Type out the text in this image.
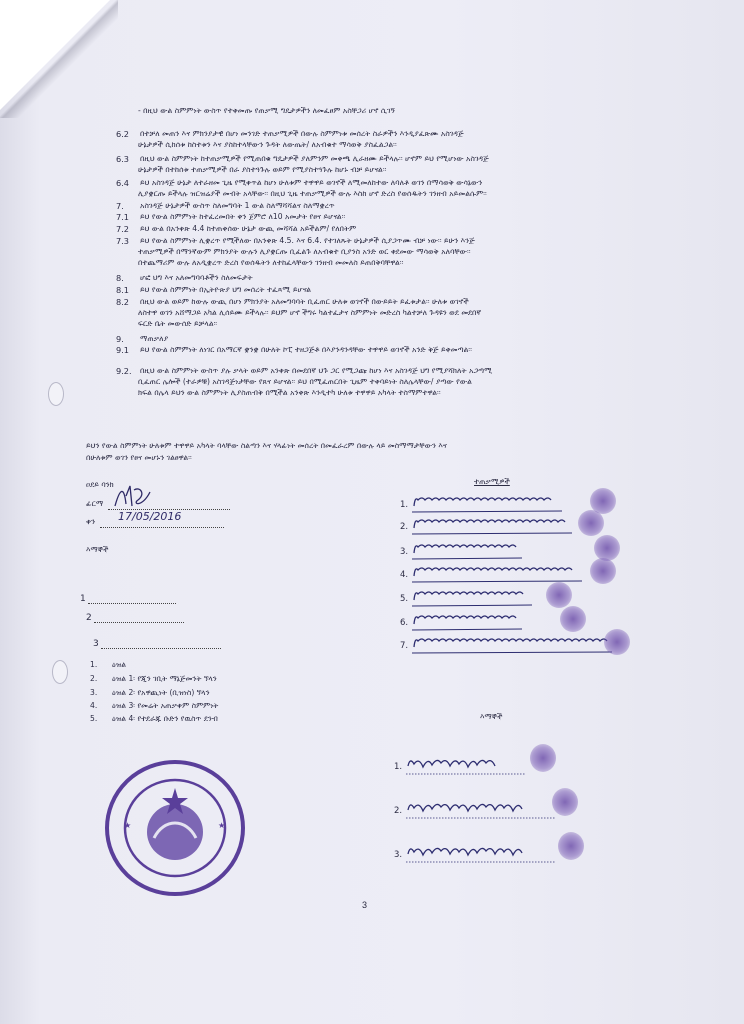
- በዚህ ውል ስምምነት ውስጥ የተቀመጡ የጠቃሚ ግዴታዎችን ለመፈፀም አስቸጋሪ ሆኖ ሲገኝ
6.2 በተቻለ መጠን እና ምክንያታዊ በሆነ መንገድ ተጠቃሚዎች በውሉ ስምምነቱ መሰረት ስራዎችን እንዲያፈጽሙ አስገዳጅ
ሁኔታዎች ሲከሰቱ ከስተቱን እና ያስከተላቸውን ጉዳት ለውጤት/ ለአብቁተ ማሳወቅ ያስፈልጋል፡፡
6.3 በዚህ ውል ስምምነት ከተጠቃሚዎች የሚጠበቁ ግዴታዎች ያለምንም መቀጫ ሊራዘሙ ይችላሉ፡፡ ሆኖም ይህ የሚሆነው አስገዳጅ
ሁኔታዎች በተከሰቱ ተጠቃሚዎች በራ ያስተጓጉሉ ወይም የሚያስተጓጉሉ ከሆኑ ብቻ ይሆናል፡፡
6.4 ይህ አስገዳጅ ሁኔታ ለተራዘመ ጊዜ የሚቀጥል ከሆነ ሁለቱም ተዋዋይ ወገኖች ለሚመለከተው ለባለቶ ወገን በማሳወቅ ውሳኔውን
ሊያቋርጡ ይችላሉ ዝርዝሬያች መብት አላቸው፡፡ በዚህ ጊዜ ተጠቃሚዎች ውሉ እስከ ሆኖ ድረስ የወሰዱትን ገንዘብ አይመልሱም፡፡
7. አስገዳጅ ሁኔታዎች ውስጥ ስለመግባት 1 ውል ስለማሻሻልና ስለማቋረጥ
7.1 ይህ የውል ስምምነት ከተፈረመበት ቀን ጀምሮ ለ10 አመታት የፀና ይሆናል፡፡
7.2 ይህ ውል በአንቀጽ 4.4 ከተጠቀሰው ሁኔታ ውጪ መሻሻል አይችልም/ የለበትም
7.3 ይህ የውል ስምምነት ሊቋረጥ የሚችለው በአንቀጽ 4.5. እና 6.4. የተገለጹት ሁኔታዎች ሲያጋጥሙ ብቻ ነው፡፡ ይሁን እንጅ
ተጠቃሚዎች በማንኛውም ምክንያት ውሉን ሊያቋርጡ ቢፈልጉ ለአብቁተ ቢያንስ አንድ ወር ቀደመው ማሳወቅ አለባቸው፡፡
በተጨማሪም ውሉ ለአዲቋረጥ ድረስ የወሰዱትን ለተከፈላቸውን ገንዘብ መመለስ ይጠበቅባቸዋል፡፡
8. ሆፎ ህግ እና አለመግባባቶችን ስለመፍታት
8.1 ይህ የውል ስምምነት በኢትዮጵያ ህግ መሰረት ተፈጻሚ ይሆናል
8.2 በዚህ ውል ወይም ከውሉ ውጪ በሆነ ምክንያት አለመግባባት ቢፈጠር ሁለቱ ወገኖች በውይይት ይፈቱታል፡፡ ሁለቱ ወገኖች
ለስተዋ ወገን አሸማጋይ አካል ሊሰይሙ ይችላሉ፡፡ ይህም ሆኖ ችግሩ ካልተፈታና ስምምነት መድረስ ካልተቻለ ጉዳዩን ወደ መደበኛ
ፍርድ ቤት መውሰድ ይቻላል፡፡
9. ማጠቃለያ
9.1 ይህ የውል ስምምነት ለነገር በአማርኛ ቋንቋ በሁለት ኮፒ ተዘጋጅቶ በእያንዳንዳቸው ተዋዋይ ወገኖች አንድ ቅጅ ይቀመጣል፡፡
9.2. በዚህ ውል ስምምነት ውስጥ ያሉ ቃላት ወይም አንቀጽ በመደበኛ ህጉ ጋር የሚጋጩ ከሆነ እና አስገዳጅ ህግ የሚያሻክለት አጋጣሚ
ቢፈጠር ሌሎች (ተራዎቹ) አስገዳጅነታቸው የጸና ይሆናል፡፡ ይህ በሚፈጠርበት ጊዜም ተቀባይነት ስለሌላቸው/ ያጣው የውል
ክፍል በሌላ ይህን ውል ስምምነት ሊያስጠብቅ በሚችል አንቀጽ እንዲተካ ሁለቱ ተዋዋይ አካላት ተስማምተዋል፡፡
ይህን የውል ስምምነት ሁለቱም ተዋዋይ አካላት ባላቸው ስልጣን እና ሃላፊነት መሰረት በመፈራረም በውሉ ላይ መስማማታቸውን እና
በሁለቱም ወገን የፀና መሆኑን ገልፀዋል፡፡
ዐደይ ባንክ
ፊርማ
ቀን 17/05/2016
እማኞች
1
2
3
1. ዕዝል
2. ዕዝል 1፡ የጂን ገቢት ማኔጅመንት ኘላን
3. ዕዝል 2፡ የአዋጪነት (ቢዝነስ) ኘላን
4. ዕዝል 3፡ የመሬት አጠቃቀም ስምምነት
5. ዕዝል 4፡ የተደራጁ ቡድን የዉስጥ ደንብ
ተጠቃሚዎች
1.
2.
3.
4.
5.
6.
7.
እማኞች
1.
2.
3.
★	★
3
